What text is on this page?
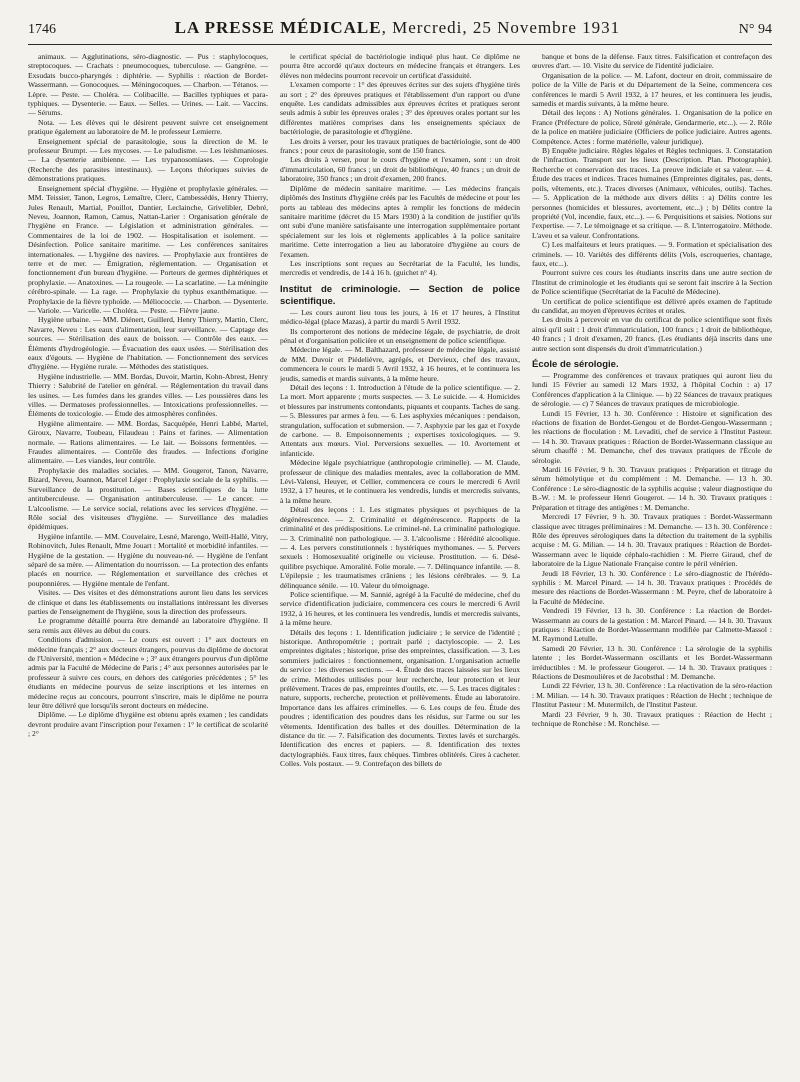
1746	LA PRESSE MÉDICALE, Mercredi, 25 Novembre 1931	N° 94

animaux. — Agglutinations, séro-diagnostic. — Pus : staphylocoques, streptocoques. — Crachats : pneumocoques, tuberculose. — Gangrène. — Exsudats bucco-pharyngés : diphtérie. — Syphilis : réaction de Bordet-Wassermann. — Gonocoques. — Méningocoques. — Charbon. — Tétanos. — Lèpre. — Peste. — Choléra. — Colibacille. — Bacilles typhiques et para-typhiques. — Dysenterie. — Eaux. — Selles. — Urines. — Lait. — Vaccins. — Sérums.

Nota. — Les élèves qui le désirent peuvent suivre cet enseignement pratique également au laboratoire de M. le professeur Lemierre.

Enseignement spécial de parasitologie, sous la direction de M. le professeur Brumpt. — Les mycoses. — Le paludisme. — Les leishmanioses. — La dysenterie amibienne. — Les trypanosomiases. — Coprologie (Recherche des parasites intestinaux). — Leçons théoriques suivies de démonstrations pratiques.

Enseignement spécial d'hygiène. — Hygiène et prophylaxie générales. — MM. Teissier, Tanon, Legros, Lemaître, Clerc, Cambessédès, Henry Thierry, Jules Renault, Martial, Pouillot, Dantier, Leclainche, Grivelibler, Debré, Neveu, Joannon, Ramon, Camus, Nattan-Larier : Organisation générale de l'hygiène en France. — Législation et administration générales. — Commentaires de la loi de 1902. — Hospitalisation et isolement. — Désinfection. Police sanitaire maritime. — Les conférences sanitaires internationales. — L'hygiène des navires. — Prophylaxie aux frontières de terre et de mer. — Émigration, réglementation. — Organisation et fonctionnement d'un bureau d'hygiène. — Porteurs de germes diphtériques et prophylaxie. — Anatoxines. — La rougeole. — La scarlatine. — La méningite cérébro-spinale. — La rage. — Prophylaxie du typhus exanthématique. — Prophylaxie de la fièvre typhoïde. — Méliococcie. — Charbon. — Dysenterie. — Variole. — Varicelle. — Choléra. — Peste. — Fièvre jaune.

Hygiène urbaine. — MM. Diénert, Guillerd, Henry Thierry, Martin, Clerc, Navarre, Neveu : Les eaux d'alimentation, leur surveillance. — Captage des sources. — Stérilisation des eaux de boisson. — Contrôle des eaux. — Éléments d'hydrogéologie. — Évacuation des eaux usées. — Stérilisation des eaux d'égouts. — Hygiène de l'habitation. — Fonctionnement des services d'hygiène. — Hygiène rurale. — Méthodes des statistiques.

Hygiène industrielle. — MM. Bordas, Duvoir, Martin, Kohn-Abrest, Henry Thierry : Salubrité de l'atelier en général. — Réglementation du travail dans les usines. — Les fumées dans les grandes villes. — Les poussières dans les villes. — Dermatoses professionnelles. — Intoxications professionnelles. — Éléments de toxicologie. — Étude des atmosphères confinées.

Hygiène alimentaire. — MM. Bordas, Sacquépée, Henri Labbé, Martel, Giroux, Navarre, Toubeau, Filaudeau : Pains et farines. — Alimentation normale. — Rations alimentaires. — Le lait. — Boissons fermentées. — Fraudes alimentaires. — Contrôle des fraudes. — Infections d'origine alimentaire. — Les viandes, leur contrôle.

Prophylaxie des maladies sociales. — MM. Gougerot, Tanon, Navarre, Bizard, Neveu, Joannon, Marcel Léger : Prophylaxie sociale de la syphilis. — Surveillance de la prostitution. — Bases scientifiques de la lutte antituberculeuse. — Organisation antituberculeuse. — Le cancer. — L'alcoolisme. — Le service social, relations avec les services d'hygiène. — Rôle social des visiteuses d'hygiène. — Surveillance des maladies épidémiques.

Hygiène infantile. — MM. Couvelaire, Lesné, Marengo, Weill-Hallé, Vitry, Robinovitch, Jules Renault, Mme Jouart : Mortalité et morbidité infantiles. — Hygiène de la gestation. — Hygiène du nouveau-né. — Hygiène de l'enfant séparé de sa mère. — Alimentation du nourrisson. — La protection des enfants placés en nourrice. — Réglementation et surveillance des crèches et pouponnières. — Hygiène mentale de l'enfant.

Visites. — Des visites et des démonstrations auront lieu dans les services de clinique et dans les établissements ou installations intéressant les diverses parties de l'enseignement de l'hygiène, sous la direction des professeurs.

Le programme détaillé pourra être demandé au laboratoire d'hygiène. Il sera remis aux élèves au début du cours.

Conditions d'admission. — Le cours est ouvert : 1° aux docteurs en médecine français ; 2° aux docteurs étrangers, pourvus du diplôme de doctorat de l'Université, mention « Médecine » ; 3° aux étrangers pourvus d'un diplôme admis par la Faculté de Médecine de Paris ; 4° aux personnes autorisées par le professeur à suivre ces cours, en dehors des catégories précédentes ; 5° les étudiants en médecine pourvus de seize inscriptions et les internes en médecine reçus au concours, pourront s'inscrire, mais le diplôme ne pourra leur être délivré que lorsqu'ils seront docteurs en médecine.

Diplôme. — Le diplôme d'hygiène est obtenu après examen ; les candidats devront produire avant l'inscription pour l'examen : 1° le certificat de scolarité ; 2°

le certificat spécial de bactériologie indiqué plus haut. Ce diplôme ne pourra être accordé qu'aux docteurs en médecine français et étrangers. Les élèves non médecins pourront recevoir un certificat d'assiduité.

L'examen comporte : 1° des épreuves écrites sur des sujets d'hygiène tirés au sort ; 2° des épreuves pratiques et l'établissement d'un rapport ou d'une enquête. Les candidats admissibles aux épreuves écrites et pratiques seront seuls admis à subir les épreuves orales ; 3° des épreuves orales portant sur les différentes matières comprises dans les enseignements spéciaux de bactériologie, de parasitologie et d'hygiène.

Les droits à verser, pour les travaux pratiques de bactériologie, sont de 400 francs ; pour ceux de parasitologie, sont de 150 francs.

Les droits à verser, pour le cours d'hygiène et l'examen, sont : un droit d'immatriculation, 60 francs ; un droit de bibliothèque, 40 francs ; un droit de laboratoire, 350 francs ; un droit d'examen, 200 francs.

Diplôme de médecin sanitaire maritime. — Les médecins français diplômés des Instituts d'hygiène créés par les Facultés de médecine et pour les ports au tableau des médecins aptes à remplir les fonctions de médecin sanitaire maritime (décret du 15 Mars 1930) à la condition de justifier qu'ils ont subi d'une manière satisfaisante une interrogation supplémentaire portant spécialement sur les lois et règlements applicables à la police sanitaire maritime. Cette interrogation a lieu au laboratoire d'hygiène au cours de l'examen.

Les inscriptions sont reçues au Secrétariat de la Faculté, les lundis, mercredis et vendredis, de 14 à 16 h. (guichet n° 4).

Institut de criminologie. — Section de police scientifique.

— Les cours auront lieu tous les jours, à 16 et 17 heures, à l'Institut médico-légal (place Mazas), à partir du mardi 5 Avril 1932.

Ils comporteront des notions de médecine légale, de psychiatrie, de droit pénal et d'organisation policière et un enseignement de police scientifique.

Médecine légale. — M. Balthazard, professeur de médecine légale, assisté de MM. Duvoir et Piédelièvre, agrégés, et Dervieux, chef des travaux, commencera le cours le mardi 5 Avril 1932, à 16 heures, et le continuera les jeudis, samedis et mardis suivants, à la même heure.

Détail des leçons : 1. Introduction à l'étude de la police scientifique. — 2. La mort. Mort apparente ; morts suspectes. — 3. Le suicide. — 4. Homicides et blessures par instruments contondants, piquants et coupants. Taches de sang. — 5. Blessures par armes à feu. — 6. Les asphyxies mécaniques : pendaison, strangulation, suffocation et submersion. — 7. Asphyxie par les gaz et l'oxyde de carbone. — 8. Empoisonnements ; expertises toxicologiques. — 9. Attentats aux mœurs. Viol. Perversions sexuelles. — 10. Avortement et infanticide.

Médecine légale psychiatrique (anthropologie criminelle). — M. Claude, professeur de clinique des maladies mentales, avec la collaboration de MM. Lévi-Valensi, Heuyer, et Cellier, commencera ce cours le mercredi 6 Avril 1932, à 17 heures, et le continuera les vendredis, lundis et mercredis suivants, à la même heure.

Détail des leçons : 1. Les stigmates physiques et psychiques de la dégénérescence. — 2. Criminalité et dégénérescence. Rapports de la criminalité et des prédispositions. Le criminel-né. La criminalité pathologique. — 3. Criminalité non pathologique. — 3. L'alcoolisme : Hérédité alcoolique. — 4. Les pervers constitutionnels : hystériques mythomanes. — 5. Pervers sexuels : Homosexualité originelle ou vicieuse. Prostitution. — 6. Déséquilibre psychique. Amoralité. Folie morale. — 7. Délinquance infantile. — 8. L'épilepsie ; les traumatismes crâniens ; les lésions cérébrales. — 9. La délinquance sénile. — 10. Valeur du témoignage.

Police scientifique. — M. Sannié, agrégé à la Faculté de médecine, chef du service d'identification judiciaire, commencera ces cours le mercredi 6 Avril 1932, à 16 heures, et les continuera les vendredis, lundis et mercredis suivants, à la même heure.

Détails des leçons : 1. Identification judiciaire ; le service de l'identité ; historique. Anthropométrie ; portrait parlé ; dactyloscopie. — 2. Les empreintes digitales ; historique, prise des empreintes, classification. — 3. Les sommiers judiciaires : fonctionnement, organisation. L'organisation actuelle du service : les diverses sections. — 4. Étude des traces laissées sur les lieux de crime. Méthodes utilisées pour leur recherche, leur protection et leur prélèvement. Traces de pas, empreintes d'outils, etc. — 5. Les traces digitales : nature, supports, recherche, protection et prélèvements. Étude au laboratoire. Importance dans les affaires criminelles. — 6. Les coups de feu. Étude des poudres ; identification des poudres dans les résidus, sur l'arme ou sur les vêtements. Identification des balles et des douilles. Détermination de la distance du tir. — 7. Falsification des documents. Textes lavés et surchargés. Identification des encres et papiers. — 8. Identification des textes dactylographiés. Faux titres, faux chèques. Timbres oblitérés. Cires à cacheter. Colles. Vols postaux. — 9. Contrefaçon des billets de

banque et bons de la défense. Faux titres. Falsification et contrefaçon des œuvres d'art. — 10. Visite du service de l'identité judiciaire.

Organisation de la police. — M. Lafont, docteur en droit, commissaire de police de la Ville de Paris et du Département de la Seine, commencera ces conférences le mardi 5 Avril 1932, à 17 heures, et les continuera les jeudis, samedis et mardis suivants, à la même heure.

Détail des leçons : A) Notions générales. 1. Organisation de la police en France (Préfecture de police, Sûreté générale, Gendarmerie, etc...). — 2. Rôle de la police en matière judiciaire (Officiers de police judiciaire. Autres agents. Compétence. Actes : forme matérielle, valeur juridique).

B) Enquête judiciaire. Règles légales et Règles techniques. 3. Constatation de l'infraction. Transport sur les lieux (Description. Plan. Photographie). Recherche et conservation des traces. La preuve indiciale et sa valeur. — 4. Étude des traces et indices. Traces humaines (Empreintes digitales, pas, dents, poils, vêtements, etc.). Traces diverses (Animaux, véhicules, outils). Taches. — 5. Application de la méthode aux divers délits : a) Délits contre les personnes (homicides et blessures, avortement, etc...) ; b) Délits contre la propriété (Vol, incendie, faux, etc...). — 6. Perquisitions et saisies. Notions sur l'expertise. — 7. Le témoignage et sa critique. — 8. L'interrogatoire. Méthode. L'aveu et sa valeur. Confrontations.

C) Les malfaiteurs et leurs pratiques. — 9. Formation et spécialisation des criminels. — 10. Variétés des différents délits (Vols, escroqueries, chantage, faux, etc...).

Pourront suivre ces cours les étudiants inscrits dans une autre section de l'Institut de criminologie et les étudiants qui se seront fait inscrire à la Section de Police scientifique (Secrétariat de la Faculté de Médecine).

Un certificat de police scientifique est délivré après examen de l'aptitude du candidat, au moyen d'épreuves écrites et orales.

Les droits à percevoir en vue du certificat de police scientifique sont fixés ainsi qu'il suit : 1 droit d'immatriculation, 100 francs ; 1 droit de bibliothèque, 40 francs ; 1 droit d'examen, 20 francs. (Les étudiants déjà inscrits dans une autre section sont dispensés du droit d'immatriculation.)

École de sérologie.

— Programme des conférences et travaux pratiques qui auront lieu du lundi 15 Février au samedi 12 Mars 1932, à l'hôpital Cochin : a) 17 Conférences d'application à la Clinique. — b) 22 Séances de travaux pratiques de sérologie. — c) 7 Séances de travaux pratiques de microbiologie.

Lundi 15 Février, 13 h. 30. Conférence : Histoire et signification des réactions de fixation de Bordet-Gengou et de Bordet-Gengou-Wassermann ; les réactions de floculation : M. Levaditi, chef de service à l'Institut Pasteur. — 14 h. 30. Travaux pratiques : Réaction de Bordet-Wassermann classique au sérum chauffé : M. Demanche, chef des travaux pratiques de l'École de sérologie.

Mardi 16 Février, 9 h. 30. Travaux pratiques : Préparation et titrage du sérum hémolytique et du complément : M. Demanche. — 13 h. 30. Conférence : Le séro-diagnostic de la syphilis acquise ; valeur diagnostique du B.-W. : M. le professeur Henri Gougerot. — 14 h. 30. Travaux pratiques : Préparation et titrage des antigènes : M. Demanche.

Mercredi 17 Février, 9 h. 30. Travaux pratiques : Bordet-Wassermann classique avec titrages préliminaires : M. Demanche. — 13 h. 30. Conférence : Rôle des épreuves sérologiques dans la détection du traitement de la syphilis acquise : M. G. Milian. — 14 h. 30. Travaux pratiques : Réaction de Bordet-Wassermann avec le liquide céphalo-rachidien : M. Pierre Giraud, chef de laboratoire de la Ligue Nationale Française contre le péril vénérien.

Jeudi 18 Février, 13 h. 30. Conférence : Le séro-diagnostic de l'hérédo-syphilis : M. Marcel Pinard. — 14 h. 30. Travaux pratiques : Procédés de mesure des réactions de Bordet-Wassermann : M. Peyre, chef de laboratoire à la Faculté de Médecine.

Vendredi 19 Février, 13 h. 30. Conférence : La réaction de Bordet-Wassermann au cours de la gestation : M. Marcel Pinard. — 14 h. 30. Travaux pratiques : Réaction de Bordet-Wassermann modifiée par Calmette-Massol : M. Raymond Letulle.

Samedi 20 Février, 13 h. 30. Conférence : La sérologie de la syphilis latente ; les Bordet-Wassermann oscillants et les Bordet-Wassermann irréductibles : M. le professeur Gougerot. — 14 h. 30. Travaux pratiques : Réactions de Desmoulières et de Jacobsthal : M. Demanche.

Lundi 22 Février, 13 h. 30. Conférence : La réactivation de la séro-réaction : M. Milian. — 14 h. 30. Travaux pratiques : Réaction de Hecht ; technique de l'Institut Pasteur : M. Mutermilch, de l'Institut Pasteur.

Mardi 23 Février, 9 h. 30. Travaux pratiques : Réaction de Hecht ; technique de Ronchèse : M. Ronchèse. —
